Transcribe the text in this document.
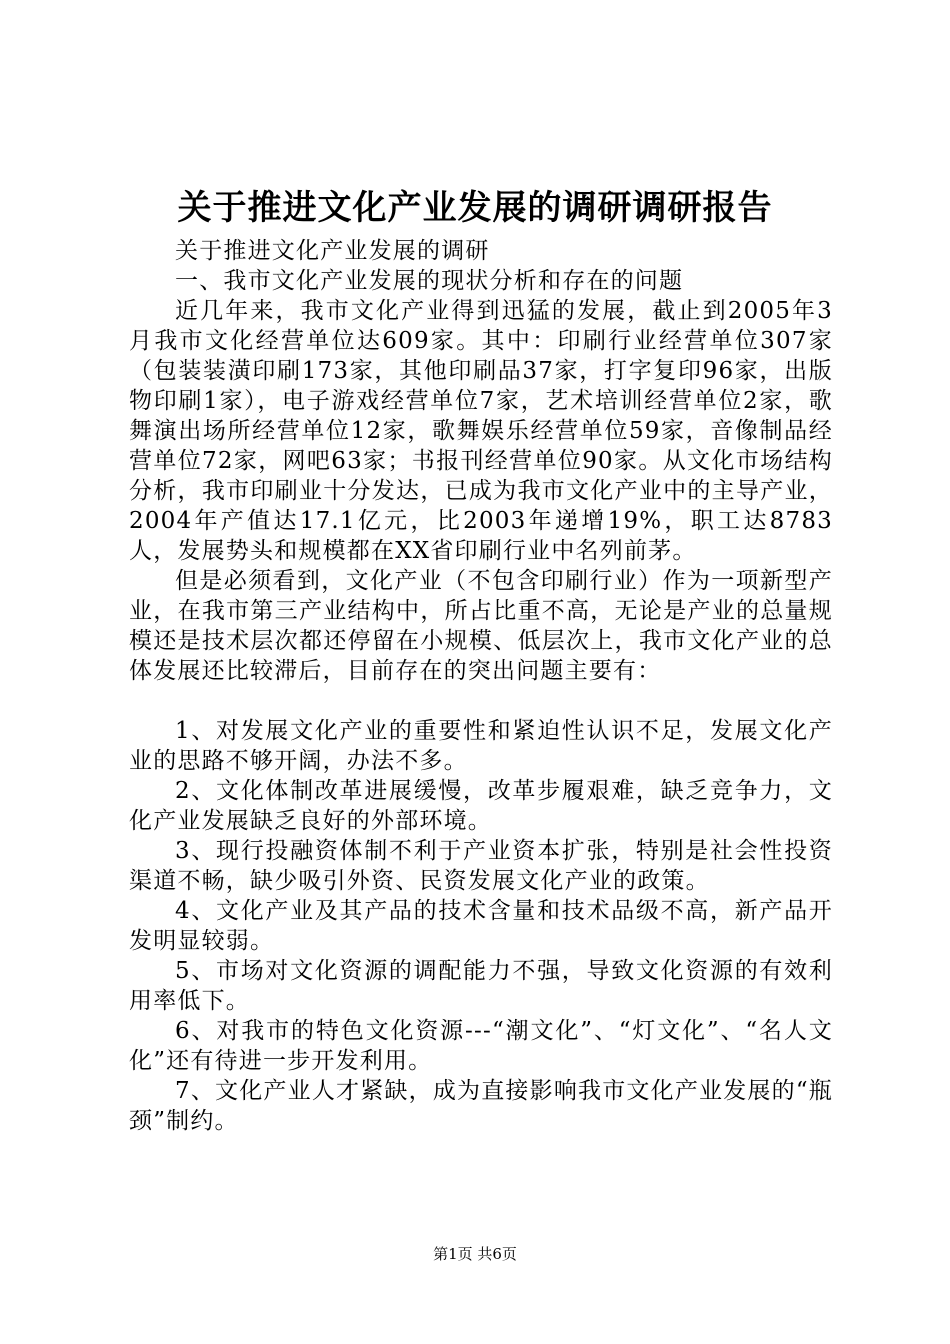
关于推进文化产业发展的调研调研报告

关于推进文化产业发展的调研

一、我市文化产业发展的现状分析和存在的问题

近几年来，我市文化产业得到迅猛的发展，截止到2005年3月我市文化经营单位达609家。其中：印刷行业经营单位307家（包装装潢印刷173家，其他印刷品37家，打字复印96家，出版物印刷1家），电子游戏经营单位7家，艺术培训经营单位2家，歌舞演出场所经营单位12家，歌舞娱乐经营单位59家，音像制品经营单位72家，网吧63家；书报刊经营单位90家。从文化市场结构分析，我市印刷业十分发达，已成为我市文化产业中的主导产业，2004年产值达17.1亿元，比2003年递增19%，职工达8783人，发展势头和规模都在XX省印刷行业中名列前茅。

但是必须看到，文化产业（不包含印刷行业）作为一项新型产业，在我市第三产业结构中，所占比重不高，无论是产业的总量规模还是技术层次都还停留在小规模、低层次上，我市文化产业的总体发展还比较滞后，目前存在的突出问题主要有：

1、对发展文化产业的重要性和紧迫性认识不足，发展文化产业的思路不够开阔，办法不多。

2、文化体制改革进展缓慢，改革步履艰难，缺乏竞争力，文化产业发展缺乏良好的外部环境。

3、现行投融资体制不利于产业资本扩张，特别是社会性投资渠道不畅，缺少吸引外资、民资发展文化产业的政策。

4、文化产业及其产品的技术含量和技术品级不高，新产品开发明显较弱。

5、市场对文化资源的调配能力不强，导致文化资源的有效利用率低下。

6、对我市的特色文化资源---“潮文化”、“灯文化”、“名人文化”还有待进一步开发利用。

7、文化产业人才紧缺，成为直接影响我市文化产业发展的“瓶颈”制约。

第1页 共6页
